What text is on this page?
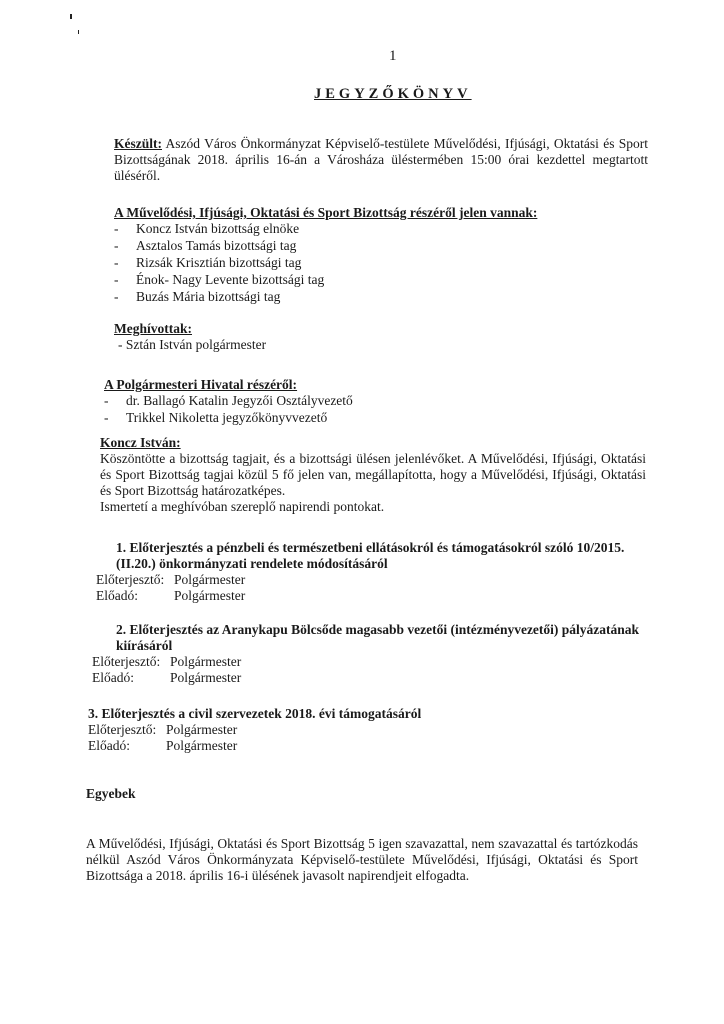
1
JEGYZŐKÖNYV
Készült: Aszód Város Önkormányzat Képviselő-testülete Művelődési, Ifjúsági, Oktatási és Sport Bizottságának 2018. április 16-án a Városháza üléstermében 15:00 órai kezdettel megtartott üléséről.
A Művelődési, Ifjúsági, Oktatási és Sport Bizottság részéről jelen vannak:
- Koncz István bizottság elnöke
- Asztalos Tamás bizottsági tag
- Rizsák Krisztián bizottsági tag
- Énok- Nagy Levente bizottsági tag
- Buzás Mária bizottsági tag
Meghívottak:
- Sztán István polgármester
A Polgármesteri Hivatal részéről:
- dr. Ballagó Katalin Jegyzői Osztályvezető
- Trikkel Nikoletta jegyzőkönyvvezető
Koncz István:
Köszöntötte a bizottság tagjait, és a bizottsági ülésen jelenlévőket. A Művelődési, Ifjúsági, Oktatási és Sport Bizottság tagjai közül 5 fő jelen van, megállapította, hogy a Művelődési, Ifjúsági, Oktatási és Sport Bizottság határozatképes.
Ismertetí a meghívóban szereplő napirendi pontokat.
1. Előterjesztés a pénzbeli és természetbeni ellátásokról és támogatásokról szóló 10/2015.(II.20.) önkormányzati rendelete módosításáról
Előterjesztő: Polgármester
Előadó:	Polgármester
2. Előterjesztés az Aranykapu Bölcsőde magasabb vezetői (intézményvezetői) pályázatának kiírásáról
Előterjesztő: Polgármester
Előadó:	Polgármester
3. Előterjesztés a civil szervezetek 2018. évi támogatásáról
Előterjesztő: Polgármester
Előadó:	Polgármester
Egyebek
A Művelődési, Ifjúsági, Oktatási és Sport Bizottság 5 igen szavazattal, nem szavazattal és tartózkodás nélkül Aszód Város Önkormányzata Képviselő-testülete Művelődési, Ifjúsági, Oktatási és Sport Bizottsága a 2018. április 16-i ülésének javasolt napirendjeit elfogadta.
